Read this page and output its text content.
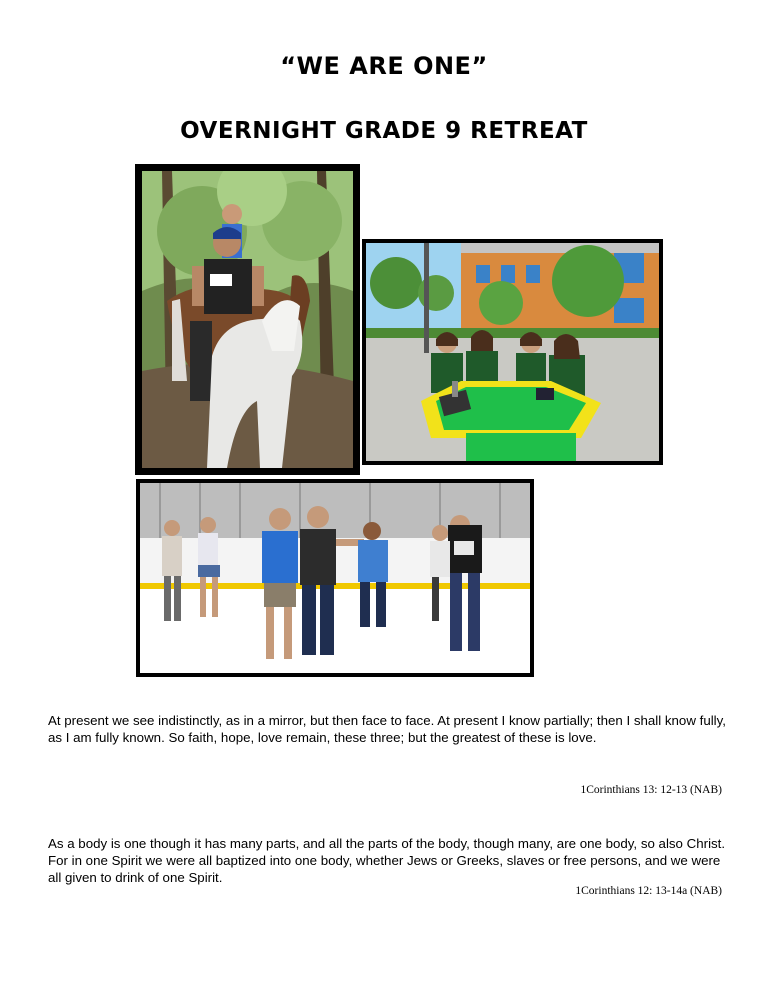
“WE ARE ONE”
OVERNIGHT GRADE 9 RETREAT
At present we see indistinctly, as in a mirror, but then face to face. At present I know partially; then I shall know fully, as I am fully known. So faith, hope, love remain, these three; but the greatest of these is love.
1Corinthians 13: 12-13 (NAB)
As a body is one though it has many parts, and all the parts of the body, though many, are one body, so also Christ. For in one Spirit we were all baptized into one body, whether Jews or Greeks, slaves or free persons, and we were all given to drink of one Spirit.
1Corinthians 12: 13-14a (NAB)
